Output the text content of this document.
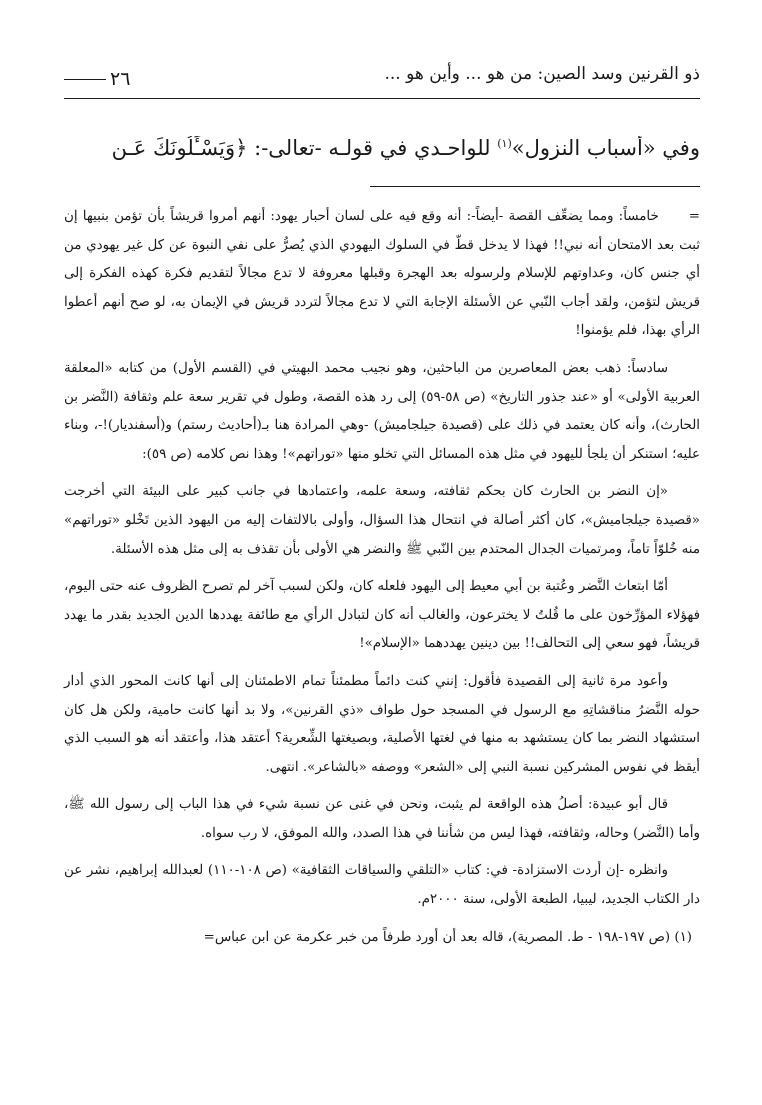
ذو القرنين وسد الصين: من هو ... وأين هو ...
٢٦
وفي «أسباب النزول»$^{(١)}$ للواحـدي في قولـه -تعالى-: ﴿وَيَسْـَٔلُونَكَ عَـن

=خامساً: ومما يضعِّف القصة -أيضاً-: أنه وقع فيه على لسان أحبار يهود: أنهم أمروا قريشاً بأن تؤمن بنبيها إن ثبت بعد الامتحان أنه نبي!! فهذا لا يدخل قطّ في السلوك اليهودي الذي يُصرُّ على نفي النبوة عن كل غير يهودي من أي جنس كان، وعداوتهم للإسلام ولرسوله بعد الهجرة وقبلها معروفة لا تدع مجالاً لتقديم فكرة كهذه الفكرة إلى قريش لتؤمن، ولقد أجاب النّبي عن الأسئلة الإجابة التي لا تدع مجالاً لتردد قريش في الإيمان به، لو صح أنهم أعطوا الرأي بهذا، فلم يؤمنوا!

سادساً: ذهب بعض المعاصرين من الباحثين، وهو نجيب محمد البهيتي في (القسم الأول) من كتابه «المعلقة العربية الأولى» أو «عند جذور التاريخ» (ص ٥٨-٥٩) إلى رد هذه القصة، وطول في تقرير سعة علم وثقافة (النَّضر بن الحارث)، وأنه كان يعتمد في ذلك على (قصيدة جيلجاميش) -وهي المرادة هنا بـ(أحاديث رستم) و(أسفنديار)!-، وبناء عليه؛ استنكر أن يلجأ لليهود في مثل هذه المسائل التي تخلو منها «توراتهم»! وهذا نص كلامه (ص ٥٩):

«إن النضر بن الحارث كان بحكم ثقافته، وسعة علمه، واعتمادها في جانب كبير على البيئة التي أخرجت «قصيدة جيلجاميش»، كان أكثر أصالة في انتحال هذا السؤال، وأولى بالالتفات إليه من اليهود الذين تَخْلو «توراتهم» منه خُلوّاً تاماً، ومرتميات الجدال المحتدم بين النّبي ﷺ والنضر هي الأولى بأن تقذف به إلى مثل هذه الأسئلة.

أمّا ابتعاث النَّضر وعُتبة بن أبي معيط إلى اليهود فلعله كان، ولكن لسبب آخر لم تصرح الظروف عنه حتى اليوم، فهؤلاء المؤرِّخون على ما قُلتُ لا يخترعون، والغالب أنه كان لتبادل الرأي مع طائفة يهددها الدين الجديد بقدر ما يهدد قريشاً، فهو سعي إلى التحالف!! بين دينين يهددهما «الإسلام»!

وأعود مرة ثانية إلى القصيدة فأقول: إنني كنت دائماً مطمئناً تمام الاطمئنان إلى أنها كانت المحور الذي أدار حوله النَّضرُ مناقشاتِهِ مع الرسول في المسجد حول طواف «ذي القرنين»، ولا بد أنها كانت حامية، ولكن هل كان استشهاد النضر بما كان يستشهد به منها في لغتها الأصلية، وبصيغتها الشِّعرية؟ أعتقد هذا، وأعتقد أنه هو السبب الذي أيقظ في نفوس المشركين نسبة النبي إلى «الشعر» ووصفه «بالشاعر». انتهى.

قال أبو عبيدة: أصلُ هذه الواقعة لم يثبت، ونحن في غنى عن نسبة شيء في هذا الباب إلى رسول الله ﷺ، وأما (النَّضر) وحاله، وثقافته، فهذا ليس من شأننا في هذا الصدد، والله الموفق، لا رب سواه.

وانظره -إن أردت الاستزادة- في: كتاب «التلقي والسياقات الثقافية» (ص ١٠٨-١١٠) لعبدالله إبراهيم، نشر عن دار الكتاب الجديد، ليبيا، الطبعة الأولى، سنة ٢٠٠٠م.

(١) (ص ١٩٧-١٩٨ - ط. المصرية)، قاله بعد أن أورد طرفاً من خبر عكرمة عن ابن عباس=
